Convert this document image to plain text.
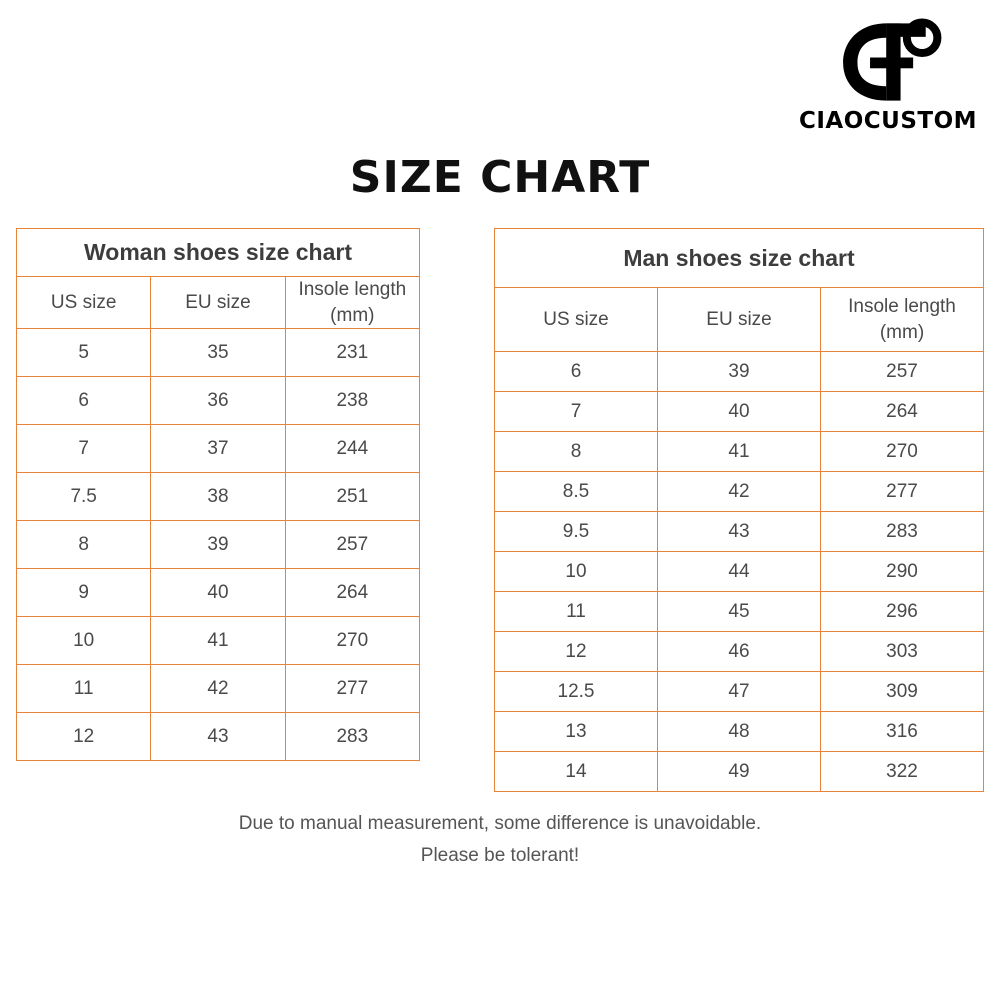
CIAOCUSTOM
SIZE CHART
Woman shoes size chart		
US size	EU size	Insole length
(mm)

5	35	231
6	36	238
7	37	244
7.5	38	251
8	39	257
9	40	264
10	41	270
11	42	277
12	43	283
Man shoes size chart		
US size	EU size	Insole length
(mm)

6	39	257
7	40	264
8	41	270
8.5	42	277
9.5	43	283
10	44	290
11	45	296
12	46	303
12.5	47	309
13	48	316
14	49	322
Due to manual measurement, some difference is unavoidable.
Please be tolerant!
